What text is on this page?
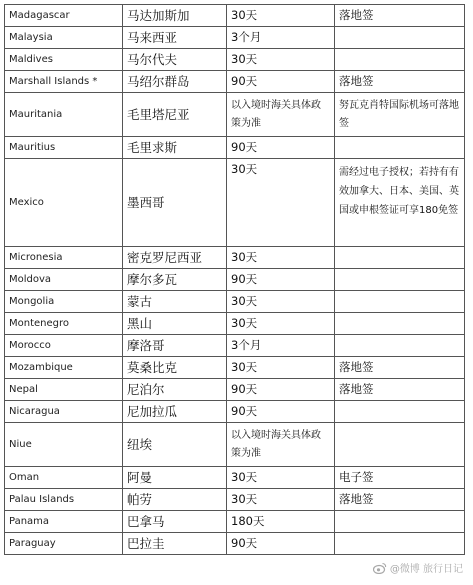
Madagascar	马达加斯加	30天	落地签
Malaysia	马来西亚	3个月	
Maldives	马尔代夫	30天	
Marshall Islands *	马绍尔群岛	90天	落地签
Mauritania	毛里塔尼亚	以入境时海关具体政策为准	努瓦克肖特国际机场可落地签
Mauritius	毛里求斯	90天	
Mexico	墨西哥	30天	需经过电子授权；若持有有效加拿大、日本、美国、英国或申根签证可享180免签
Micronesia	密克罗尼西亚	30天	
Moldova	摩尔多瓦	90天	
Mongolia	蒙古	30天	
Montenegro	黑山	30天	
Morocco	摩洛哥	3个月	
Mozambique	莫桑比克	30天	落地签
Nepal	尼泊尔	90天	落地签
Nicaragua	尼加拉瓜	90天	
Niue	纽埃	以入境时海关具体政策为准	
Oman	阿曼	30天	电子签
Palau Islands	帕劳	30天	落地签
Panama	巴拿马	180天	
Paraguay	巴拉圭	90天	
@微博 旅行日记
